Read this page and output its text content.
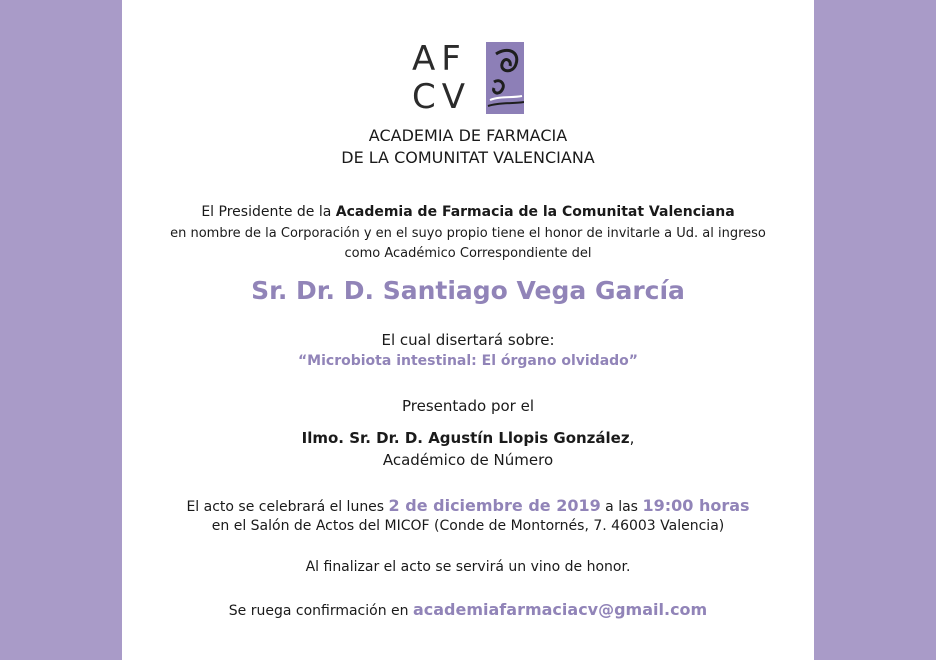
AF
CV
ACADEMIA DE FARMACIA
DE LA COMUNITAT VALENCIANA
El Presidente de la Academia de Farmacia de la Comunitat Valenciana
en nombre de la Corporación y en el suyo propio tiene el honor de invitarle a Ud. al ingreso
como Académico Correspondiente del
Sr. Dr. D. Santiago Vega García
El cual disertará sobre:
“Microbiota intestinal: El órgano olvidado”
Presentado por el
Ilmo. Sr. Dr. D. Agustín Llopis González,
Académico de Número
El acto se celebrará el lunes 2 de diciembre de 2019 a las 19:00 horas
en el Salón de Actos del MICOF (Conde de Montornés, 7. 46003 Valencia)
Al finalizar el acto se servirá un vino de honor.
Se ruega confirmación en academiafarmaciacv@gmail.com
